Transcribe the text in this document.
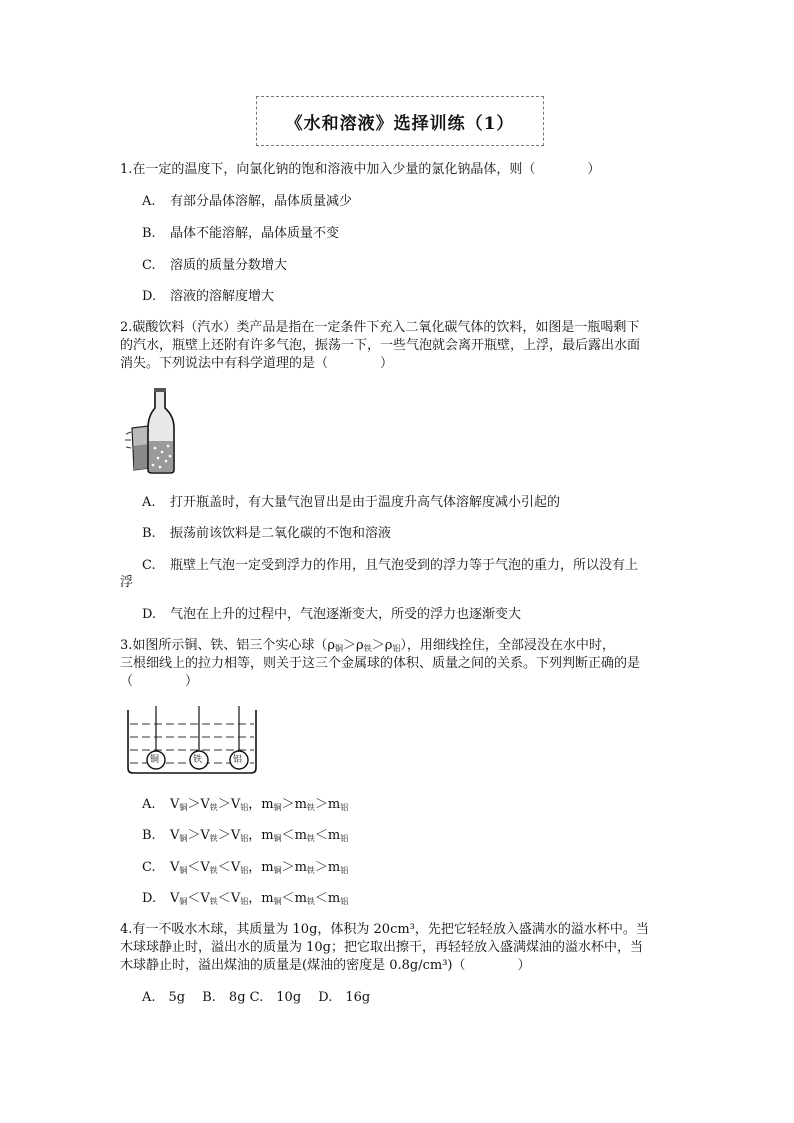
《水和溶液》选择训练（1）
1.在一定的温度下，向氯化钠的饱和溶液中加入少量的氯化钠晶体，则（　　　　）
A. 有部分晶体溶解，晶体质量减少
B. 晶体不能溶解，晶体质量不变
C. 溶质的质量分数增大
D. 溶液的溶解度增大
2.碳酸饮料（汽水）类产品是指在一定条件下充入二氧化碳气体的饮料，如图是一瓶喝剩下
的汽水，瓶壁上还附有许多气泡，振荡一下，一些气泡就会离开瓶壁，上浮，最后露出水面
消失。下列说法中有科学道理的是（　　　　）
A. 打开瓶盖时，有大量气泡冒出是由于温度升高气体溶解度减小引起的
B. 振荡前该饮料是二氧化碳的不饱和溶液
C. 瓶壁上气泡一定受到浮力的作用，且气泡受到的浮力等于气泡的重力，所以没有上
浮
D. 气泡在上升的过程中，气泡逐渐变大，所受的浮力也逐渐变大
3.如图所示铜、铁、铝三个实心球$(\rho_铜>\rho_铁>\rho_铝)$，用细线拴住，全部浸没在水中时，
三根细线上的拉力相等，则关于这三个金属球的体积、质量之间的关系。下列判断正确的是
（　　　　）
铜	铁	铝
A. $V_铜>V_铁>V_铝$，$m_铜>m_铁>m_铝$
B. $V_铜>V_铁>V_铝$，$m_铜<m_铁<m_铝$
C. $V_铜<V_铁<V_铝$，$m_铜>m_铁>m_铝$
D. $V_铜<V_铁<V_铝$，$m_铜<m_铁<m_铝$
4.有一不吸水木球，其质量为 10g，体积为 20cm³，先把它轻轻放入盛满水的溢水杯中。当
木球球静止时，溢出水的质量为 10g；把它取出擦干，再轻轻放入盛满煤油的溢水杯中，当
木球静止时，溢出煤油的质量是(煤油的密度是 0.8g/cm³)（　　　　）
A.　5g　 B.　8g C.　10g　 D.　16g
